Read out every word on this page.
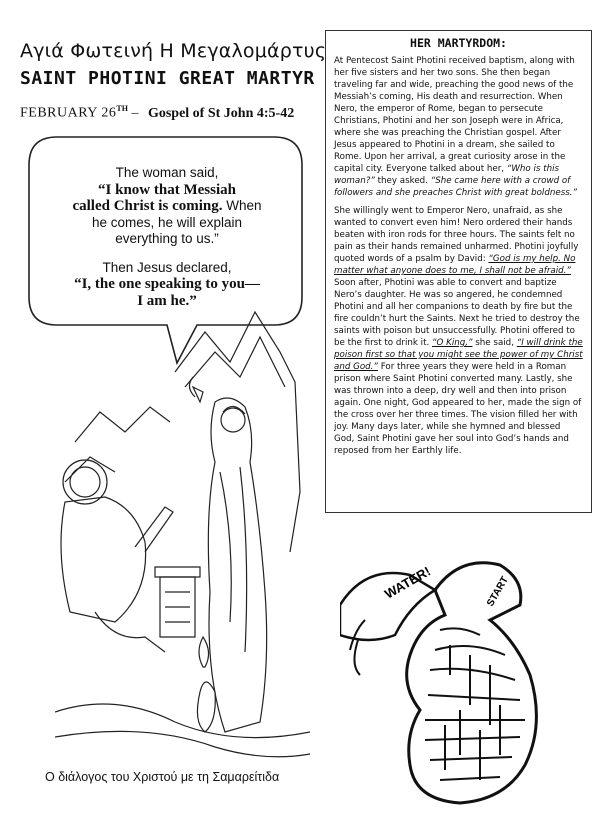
Αγιά Φωτεινή Η Μεγαλομάρτυς
SAINT PHOTINI GREAT MARTYR
FEBRUARY 26TH – Gospel of St John 4:5-42

The woman said,

“I know that Messiah

called Christ is coming. When

he comes, he will explain

everything to us.”

Then Jesus declared,

“I, the one speaking to you—

I am he.”

Ο διάλογος του Χριστού με τη Σαμαρείτιδα
HER MARTYRDOM:

At Pentecost Saint Photini received baptism, along with her five sisters and her two sons. She then began traveling far and wide, preaching the good news of the Messiah’s coming, His death and resurrection. When Nero, the emperor of Rome, began to persecute Christians, Photini and her son Joseph were in Africa, where she was preaching the Christian gospel. After Jesus appeared to Photini in a dream, she sailed to Rome. Upon her arrival, a great curiosity arose in the capital city. Everyone talked about her, “Who is this woman?” they asked. “She came here with a crowd of followers and she preaches Christ with great boldness.”

She willingly went to Emperor Nero, unafraid, as she wanted to convert even him! Nero ordered their hands beaten with iron rods for three hours. The saints felt no pain as their hands remained unharmed. Photini joyfully quoted words of a psalm by David: “God is my help. No matter what anyone does to me, I shall not be afraid.” Soon after, Photini was able to convert and baptize Nero’s daughter. He was so angered, he condemned Photini and all her companions to death by fire but the fire couldn’t hurt the Saints. Next he tried to destroy the saints with poison but unsuccessfully. Photini offered to be the first to drink it. “O King,” she said, “I will drink the poison first so that you might see the power of my Christ and God.” For three years they were held in a Roman prison where Saint Photini converted many. Lastly, she was thrown into a deep, dry well and then into prison again. One night, God appeared to her, made the sign of the cross over her three times. The vision filled her with joy. Many days later, while she hymned and blessed God, Saint Photini gave her soul into God’s hands and reposed from her Earthly life.

WATER!	START
